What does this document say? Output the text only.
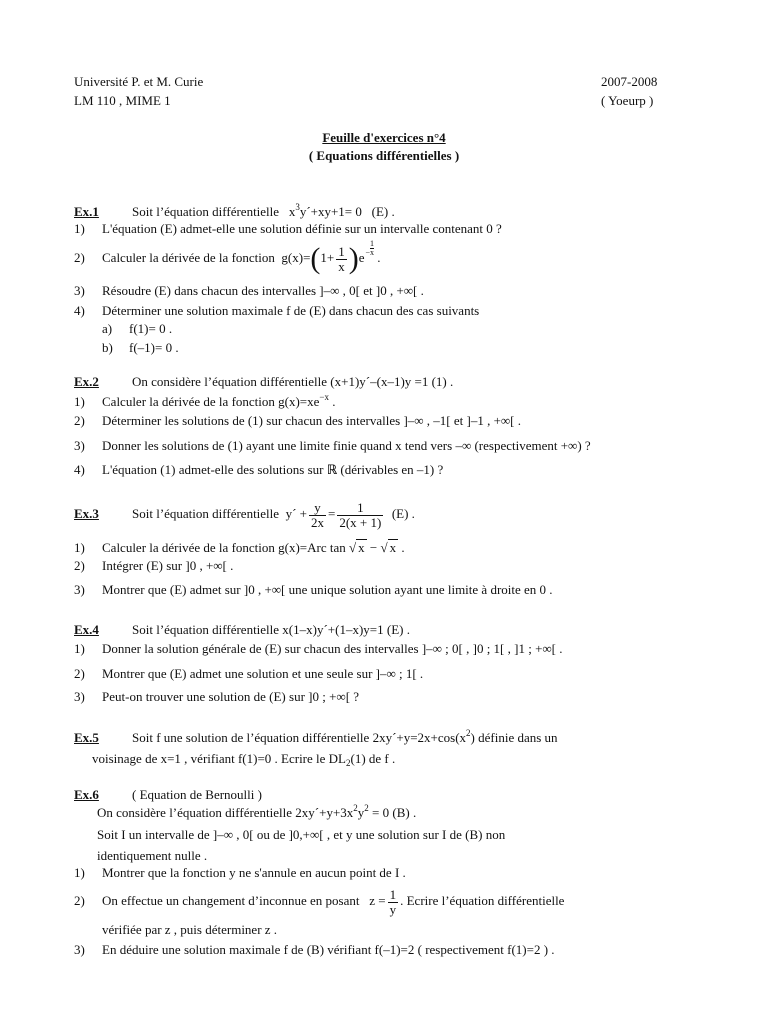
Université P. et M. Curie
LM 110 , MIME 1
2007-2008
( Yoeurp )
Feuille d'exercices n°4
( Equations différentielles )
Ex.1	Soit l’équation différentielle $x^3y´+xy+1= 0$ (E) .
1) L'équation (E) admet-elle une solution définie sur un intervalle contenant 0 ?
2) Calculer la dérivée de la fonction $g(x)=(1+ \frac{1}{x} )e- \frac{1}{x}$
.
3) Résoudre (E) dans chacun des intervalles ]–∞ , 0[ et ]0 , +∞[ .
4) Déterminer une solution maximale f de (E) dans chacun des cas suivants
a) f(1)= 0 .
b) f(–1)= 0 .
Ex.2	On considère l’équation différentielle (x+1)y´–(x–1)y =1 (1) .
1) Calculer la dérivée de la fonction $g(x)=xe^{-x}$ .
2) Déterminer les solutions de (1) sur chacun des intervalles ]–∞ , –1[ et ]–1 , +∞[ .
3) Donner les solutions de (1) ayant une limite finie quand x tend vers –∞ (respectivement +∞) ?
4) L'équation (1) admet-elle des solutions sur ℝ (dérivables en –1) ?
Ex.3	Soit l’équation différentielle y´ + $\frac{y}{2x} = \frac{1}{2(x + 1)} (E)$ .
1) Calculer la dérivée de la fonction g(x)=Arc tan √ x − √ x .
2) Intégrer (E) sur ]0 , +∞[ .
3) Montrer que (E) admet sur ]0 , +∞[ une unique solution ayant une limite à droite en 0 .
Ex.4	Soit l’équation différentielle x(1–x)y´+(1–x)y=1 (E) .
1) Donner la solution générale de (E) sur chacun des intervalles ]–∞ ; 0[ , ]0 ; 1[ , ]1 ; +∞[ .
2) Montrer que (E) admet une solution et une seule sur ]–∞ ; 1[ .
3) Peut-on trouver une solution de (E) sur ]0 ; +∞[ ?
Ex.5	Soit f une solution de l’équation différentielle $2xy´+y=2x+\cos(x^2)$ définie dans un
voisinage de x=1 , vérifiant f(1)=0 . Ecrire le $DL_2(1)$ de f .
Ex.6	( Equation de Bernoulli )
On considère l’équation différentielle $2xy´+y+3x^2y^2 = 0$ (B) .
Soit I un intervalle de ]–∞ , 0[ ou de ]0,+∞[ , et y une solution sur I de (B) non
identiquement nulle .
1) Montrer que la fonction y ne s'annule en aucun point de I .
2) On effectue un changement d’inconnue en posant $z = \frac{1}{y}$ . Ecrire l’équation différentielle
vérifiée par z , puis déterminer z .
3) En déduire une solution maximale f de (B) vérifiant f(–1)=2 ( respectivement f(1)=2 ) .
